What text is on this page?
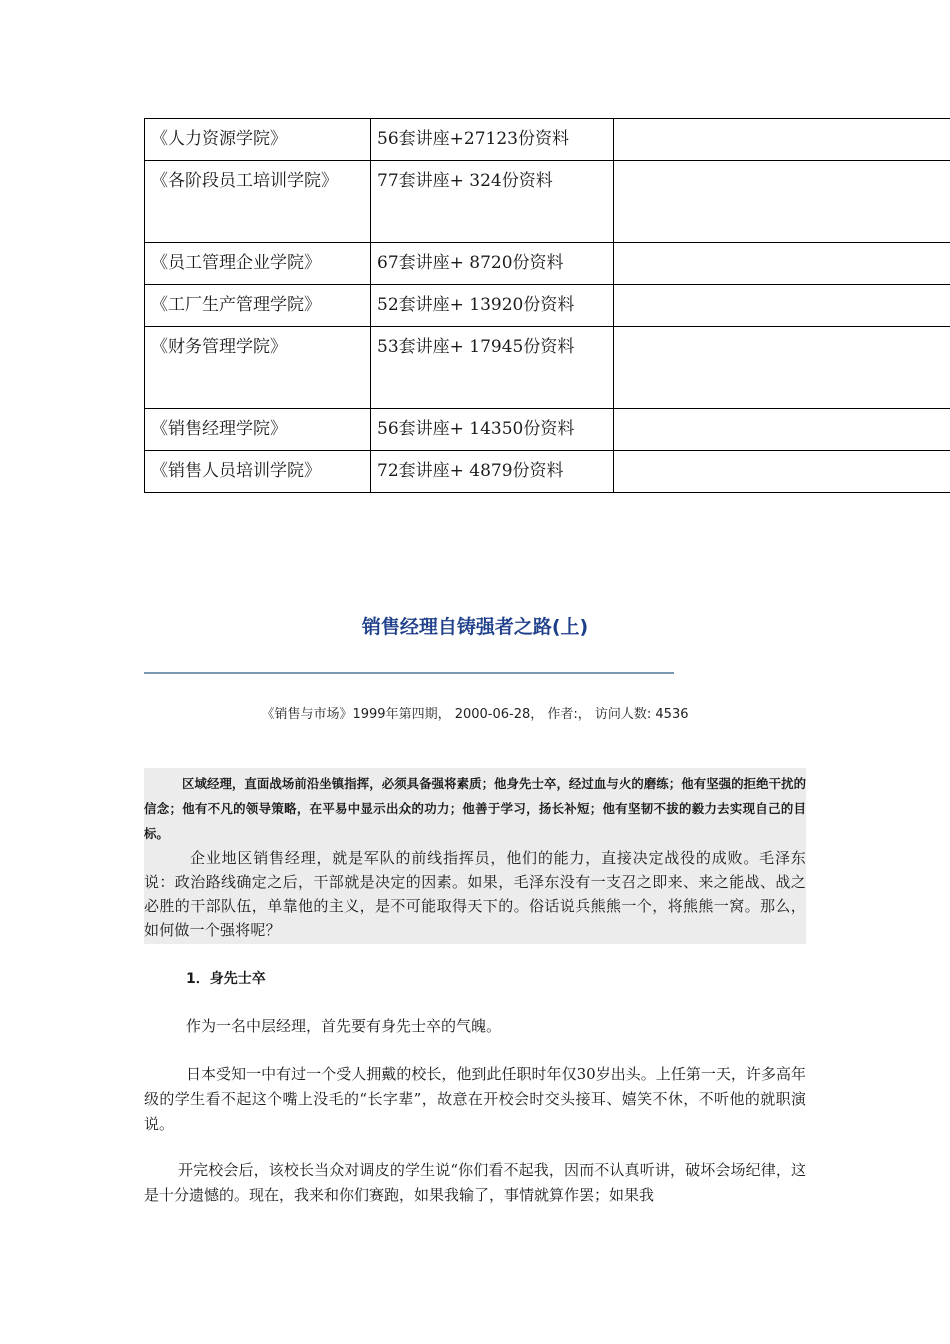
《人力资源学院》	56套讲座+27123份资料	

《各阶段员工培训学院》	77套讲座+ 324份资料	

《员工管理企业学院》	67套讲座+ 8720份资料	

《工厂生产管理学院》	52套讲座+ 13920份资料	

《财务管理学院》	53套讲座+ 17945份资料	

《销售经理学院》	56套讲座+ 14350份资料	

《销售人员培训学院》	72套讲座+ 4879份资料	

销售经理自铸强者之路(上)
《销售与市场》1999年第四期， 2000-06-28， 作者:， 访问人数: 4536

区域经理，直面战场前沿坐镇指挥，必须具备强将素质；他身先士卒，经过血与火的磨练；他有坚强的拒绝干扰的信念；他有不凡的领导策略，在平易中显示出众的功力；他善于学习，扬长补短；他有坚韧不拔的毅力去实现自己的目标。

企业地区销售经理，就是军队的前线指挥员，他们的能力，直接决定战役的成败。毛泽东说：政治路线确定之后，干部就是决定的因素。如果，毛泽东没有一支召之即来、来之能战、战之必胜的干部队伍，单靠他的主义，是不可能取得天下的。俗话说兵熊熊一个，将熊熊一窝。那么，如何做一个强将呢？

1．身先士卒

作为一名中层经理，首先要有身先士卒的气魄。

日本受知一中有过一个受人拥戴的校长，他到此任职时年仅30岁出头。上任第一天，许多高年级的学生看不起这个嘴上没毛的“长字辈”，故意在开校会时交头接耳、嬉笑不休，不听他的就职演说。

开完校会后，该校长当众对调皮的学生说“你们看不起我，因而不认真听讲，破坏会场纪律，这是十分遗憾的。现在，我来和你们赛跑，如果我输了，事情就算作罢；如果我
